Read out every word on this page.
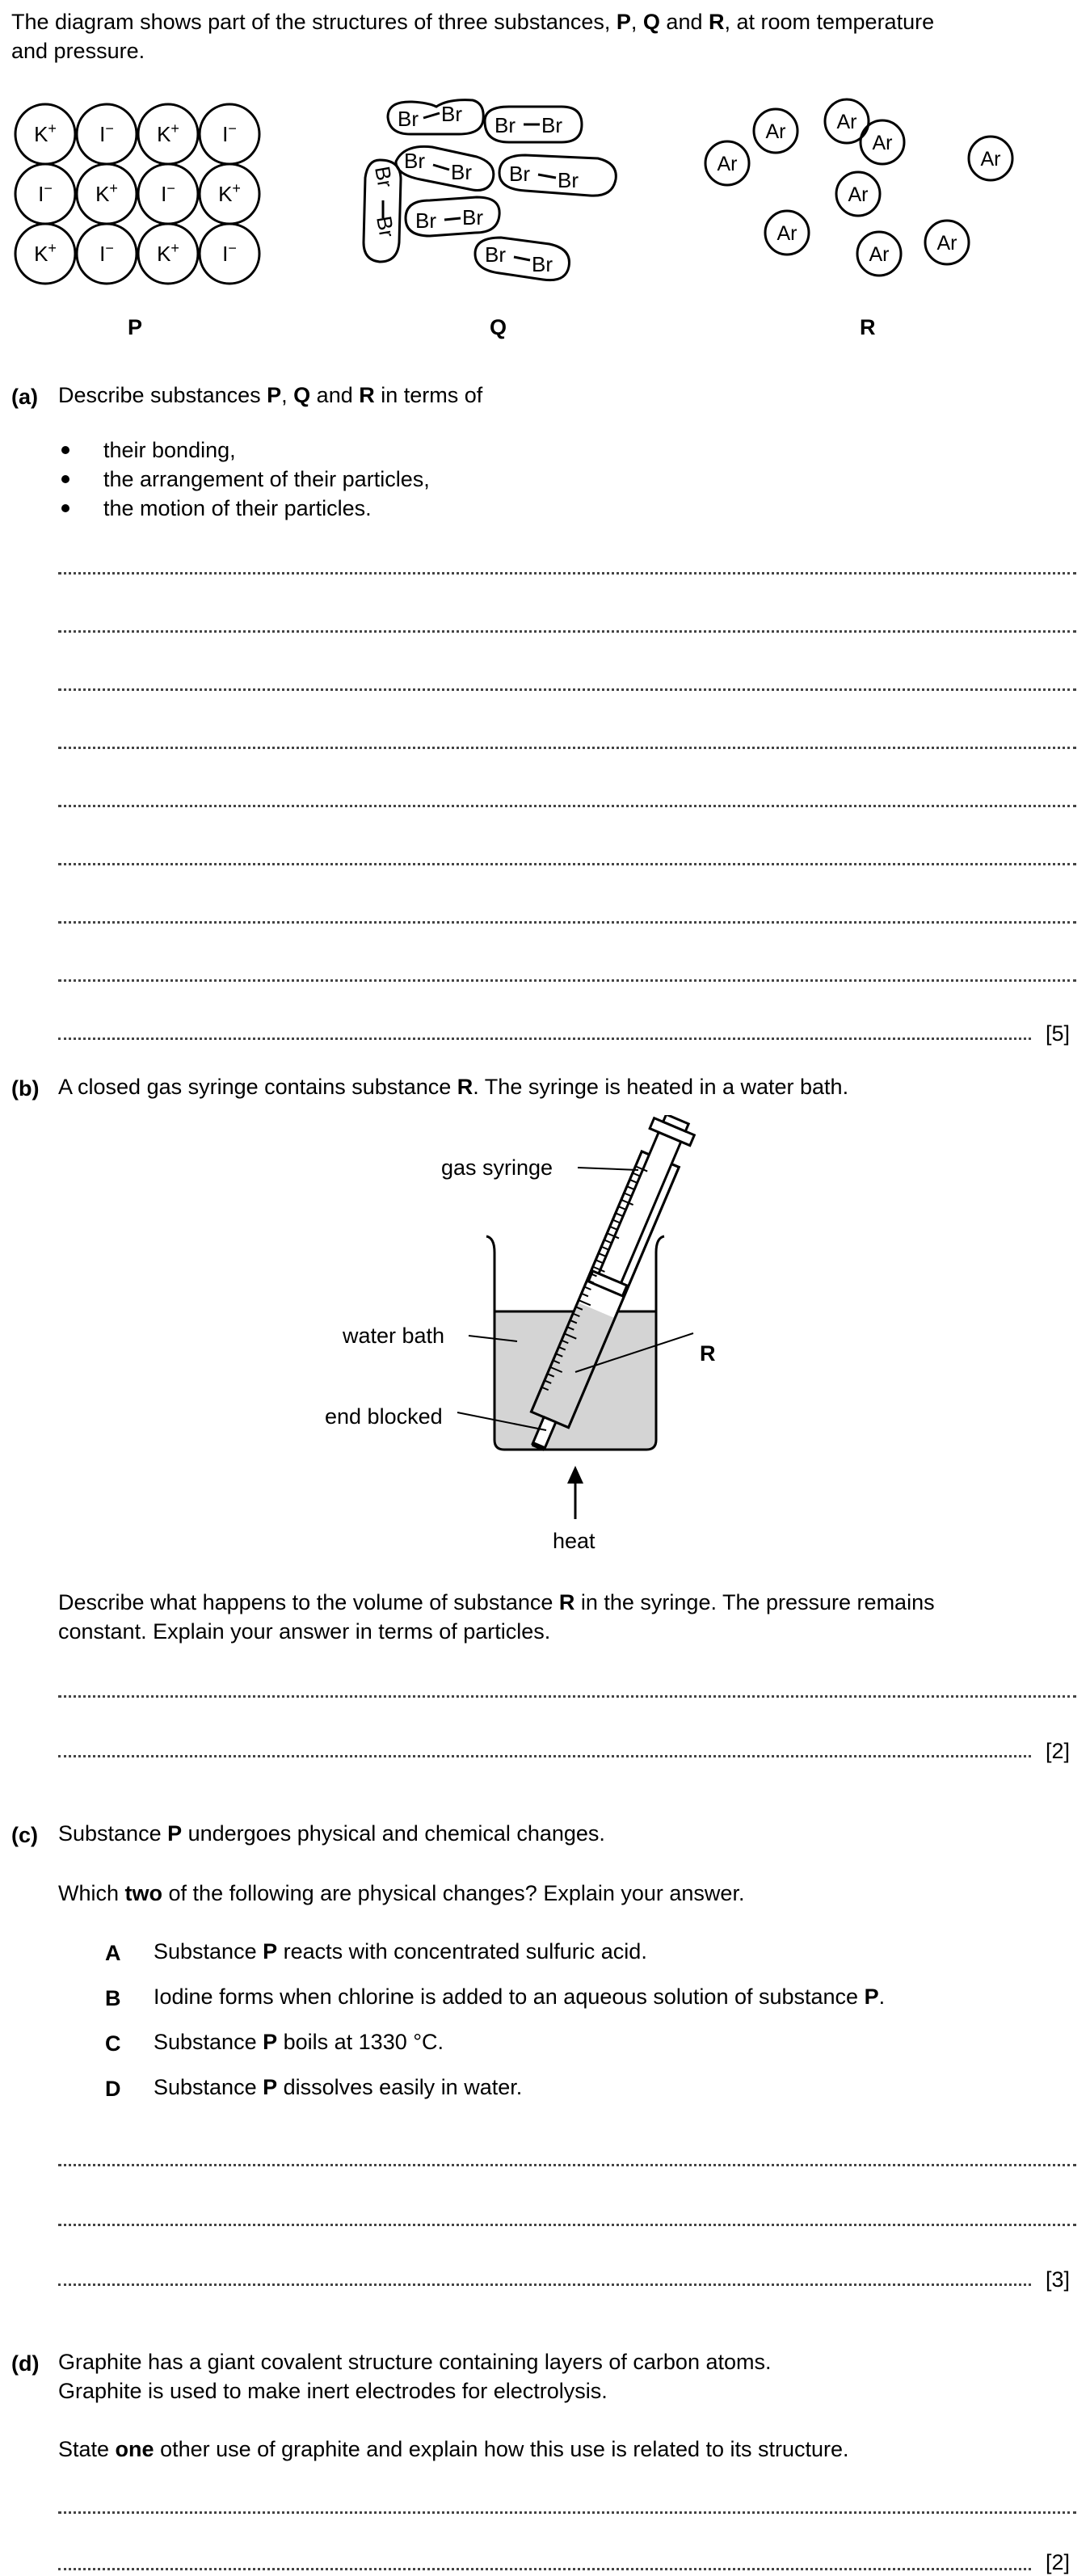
The diagram shows part of the structures of three substances, P, Q and R, at room temperature
and pressure.
K+ I− K+ I−
I− K+ I− K+
K+ I− K+ I−
Br Br Br Br
Br Br Br Br
Br
Br Br Br
Br Br
Ar
Ar	Ar
Ar
Ar
Ar
Ar
Ar Ar
P	Q	R
(a) Describe substances P, Q and R in terms of
their bonding,
the arrangement of their particles,
the motion of their particles.
[5]
(b) A closed gas syringe contains substance R. The syringe is heated in a water bath.
gas syringe
water bath
end blocked
R
heat
Describe what happens to the volume of substance R in the syringe. The pressure remains
constant. Explain your answer in terms of particles.
[2]
(c) Substance P undergoes physical and chemical changes.
Which two of the following are physical changes? Explain your answer.
A Substance P reacts with concentrated sulfuric acid.
B Iodine forms when chlorine is added to an aqueous solution of substance P.
C Substance P boils at 1330 °C.
D Substance P dissolves easily in water.
[3]
(d) Graphite has a giant covalent structure containing layers of carbon atoms.
Graphite is used to make inert electrodes for electrolysis.
State one other use of graphite and explain how this use is related to its structure.
[2]
